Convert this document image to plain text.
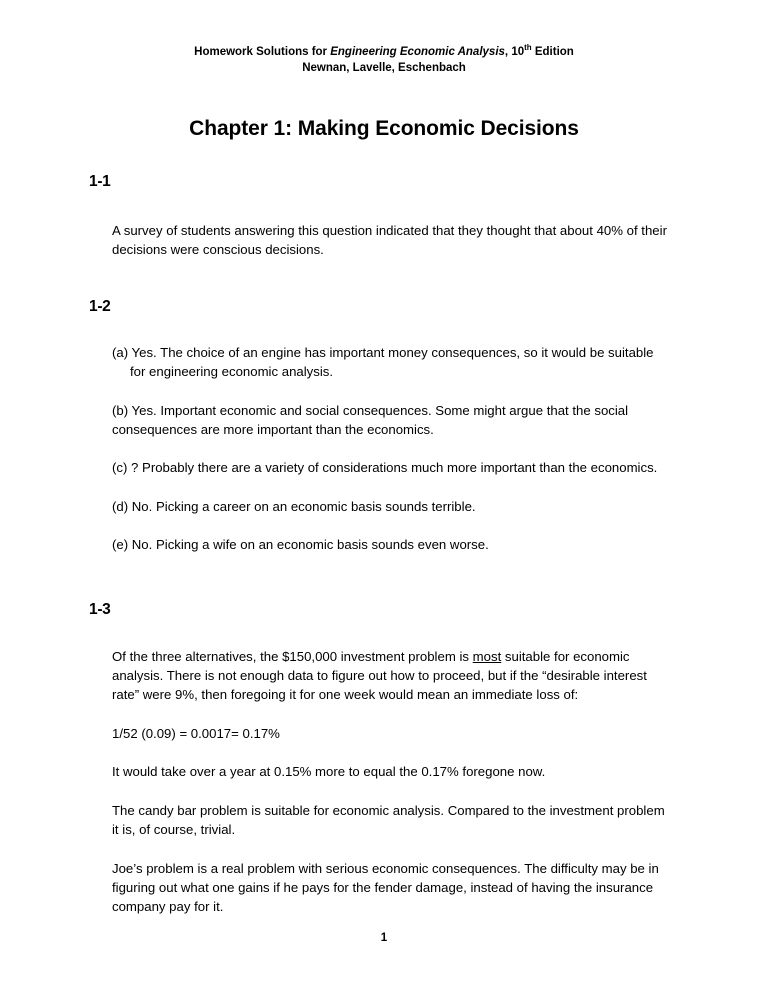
Homework Solutions for Engineering Economic Analysis, 10th Edition
Newnan, Lavelle, Eschenbach
Chapter 1: Making Economic Decisions
1-1

A survey of students answering this question indicated that they thought that about 40% of their decisions were conscious decisions.

1-2

(a) Yes. The choice of an engine has important money consequences, so it would be suitable for engineering economic analysis.

(b) Yes. Important economic and social consequences. Some might argue that the social consequences are more important than the economics.

(c) ? Probably there are a variety of considerations much more important than the economics.

(d) No. Picking a career on an economic basis sounds terrible.

(e) No. Picking a wife on an economic basis sounds even worse.

1-3

Of the three alternatives, the $150,000 investment problem is most suitable for economic analysis. There is not enough data to figure out how to proceed, but if the “desirable interest rate” were 9%, then foregoing it for one week would mean an immediate loss of:

1/52 (0.09) = 0.0017= 0.17%

It would take over a year at 0.15% more to equal the 0.17% foregone now.

The candy bar problem is suitable for economic analysis. Compared to the investment problem it is, of course, trivial.

Joe’s problem is a real problem with serious economic consequences. The difficulty may be in figuring out what one gains if he pays for the fender damage, instead of having the insurance company pay for it.

1
